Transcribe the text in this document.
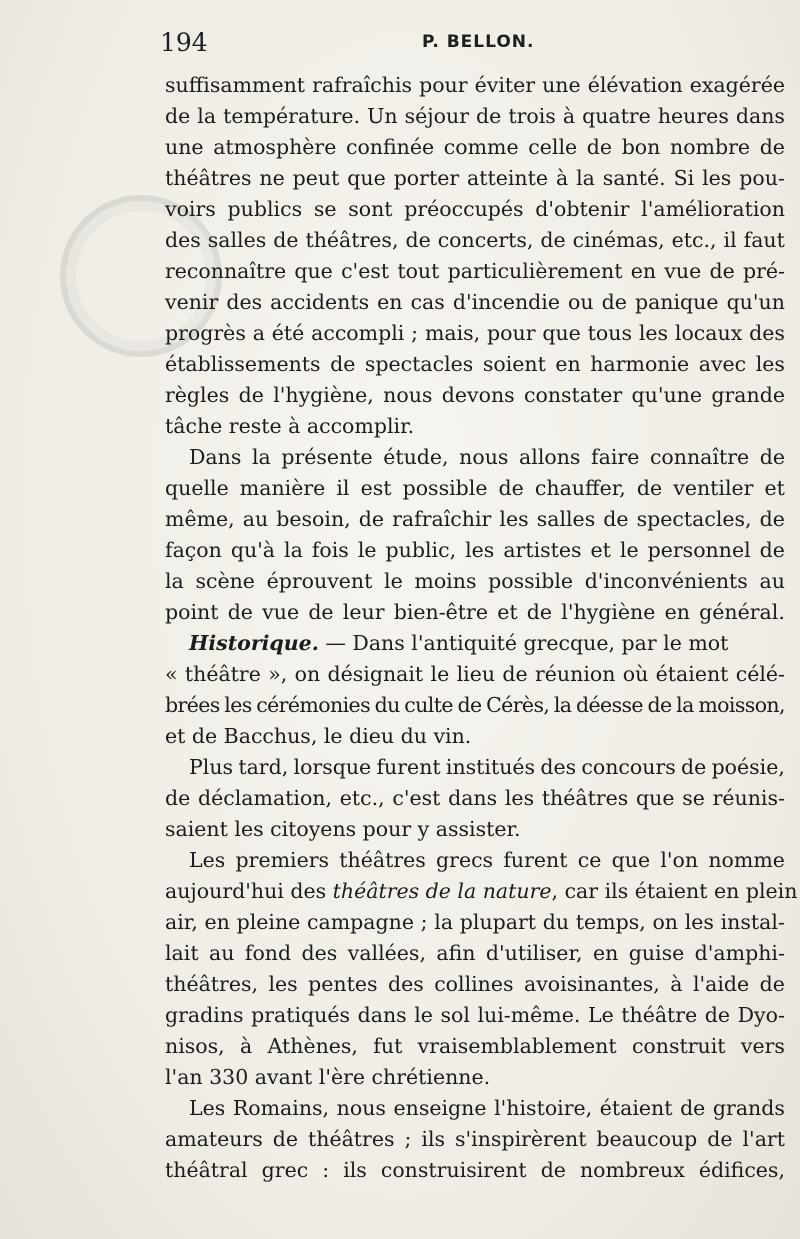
194	P. BELLON.
suffisamment rafraîchis pour éviter une élévation exagérée
de la température. Un séjour de trois à quatre heures dans
une atmosphère confinée comme celle de bon nombre de
théâtres ne peut que porter atteinte à la santé. Si les pou-
voirs publics se sont préoccupés d'obtenir l'amélioration
des salles de théâtres, de concerts, de cinémas, etc., il faut
reconnaître que c'est tout particulièrement en vue de pré-
venir des accidents en cas d'incendie ou de panique qu'un
progrès a été accompli ; mais, pour que tous les locaux des
établissements de spectacles soient en harmonie avec les
règles de l'hygiène, nous devons constater qu'une grande
tâche reste à accomplir.
Dans la présente étude, nous allons faire connaître de
quelle manière il est possible de chauffer, de ventiler et
même, au besoin, de rafraîchir les salles de spectacles, de
façon qu'à la fois le public, les artistes et le personnel de
la scène éprouvent le moins possible d'inconvénients au
point de vue de leur bien-être et de l'hygiène en général.
Historique. — Dans l'antiquité grecque, par le mot
« théâtre », on désignait le lieu de réunion où étaient célé-
brées les cérémonies du culte de Cérès, la déesse de la moisson,
et de Bacchus, le dieu du vin.
Plus tard, lorsque furent institués des concours de poésie,
de déclamation, etc., c'est dans les théâtres que se réunis-
saient les citoyens pour y assister.
Les premiers théâtres grecs furent ce que l'on nomme
aujourd'hui des théâtres de la nature , car ils étaient en plein
air, en pleine campagne ; la plupart du temps, on les instal-
lait au fond des vallées, afin d'utiliser, en guise d'amphi-
théâtres, les pentes des collines avoisinantes, à l'aide de
gradins pratiqués dans le sol lui-même. Le théâtre de Dyo-
nisos, à Athènes, fut vraisemblablement construit vers
l'an 330 avant l'ère chrétienne.
Les Romains, nous enseigne l'histoire, étaient de grands
amateurs de théâtres ; ils s'inspirèrent beaucoup de l'art
théâtral grec : ils construisirent de nombreux édifices,
